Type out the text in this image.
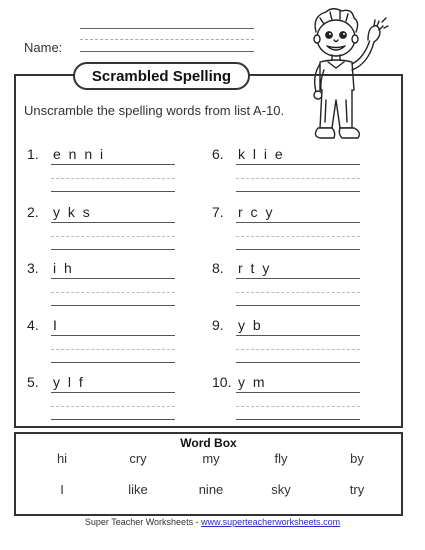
Name:
Scrambled Spelling
Unscramble the spelling words from list A-10.
1. e n n i
2. y k s
3. i h
4. I
5. y l f
6. k l i e
7. r c y
8. r t y
9. y b
10. y m
Word Box
hi	cry	my	fly	by
I	like	nine	sky	try
Super Teacher Worksheets - www.superteacherworksheets.com
